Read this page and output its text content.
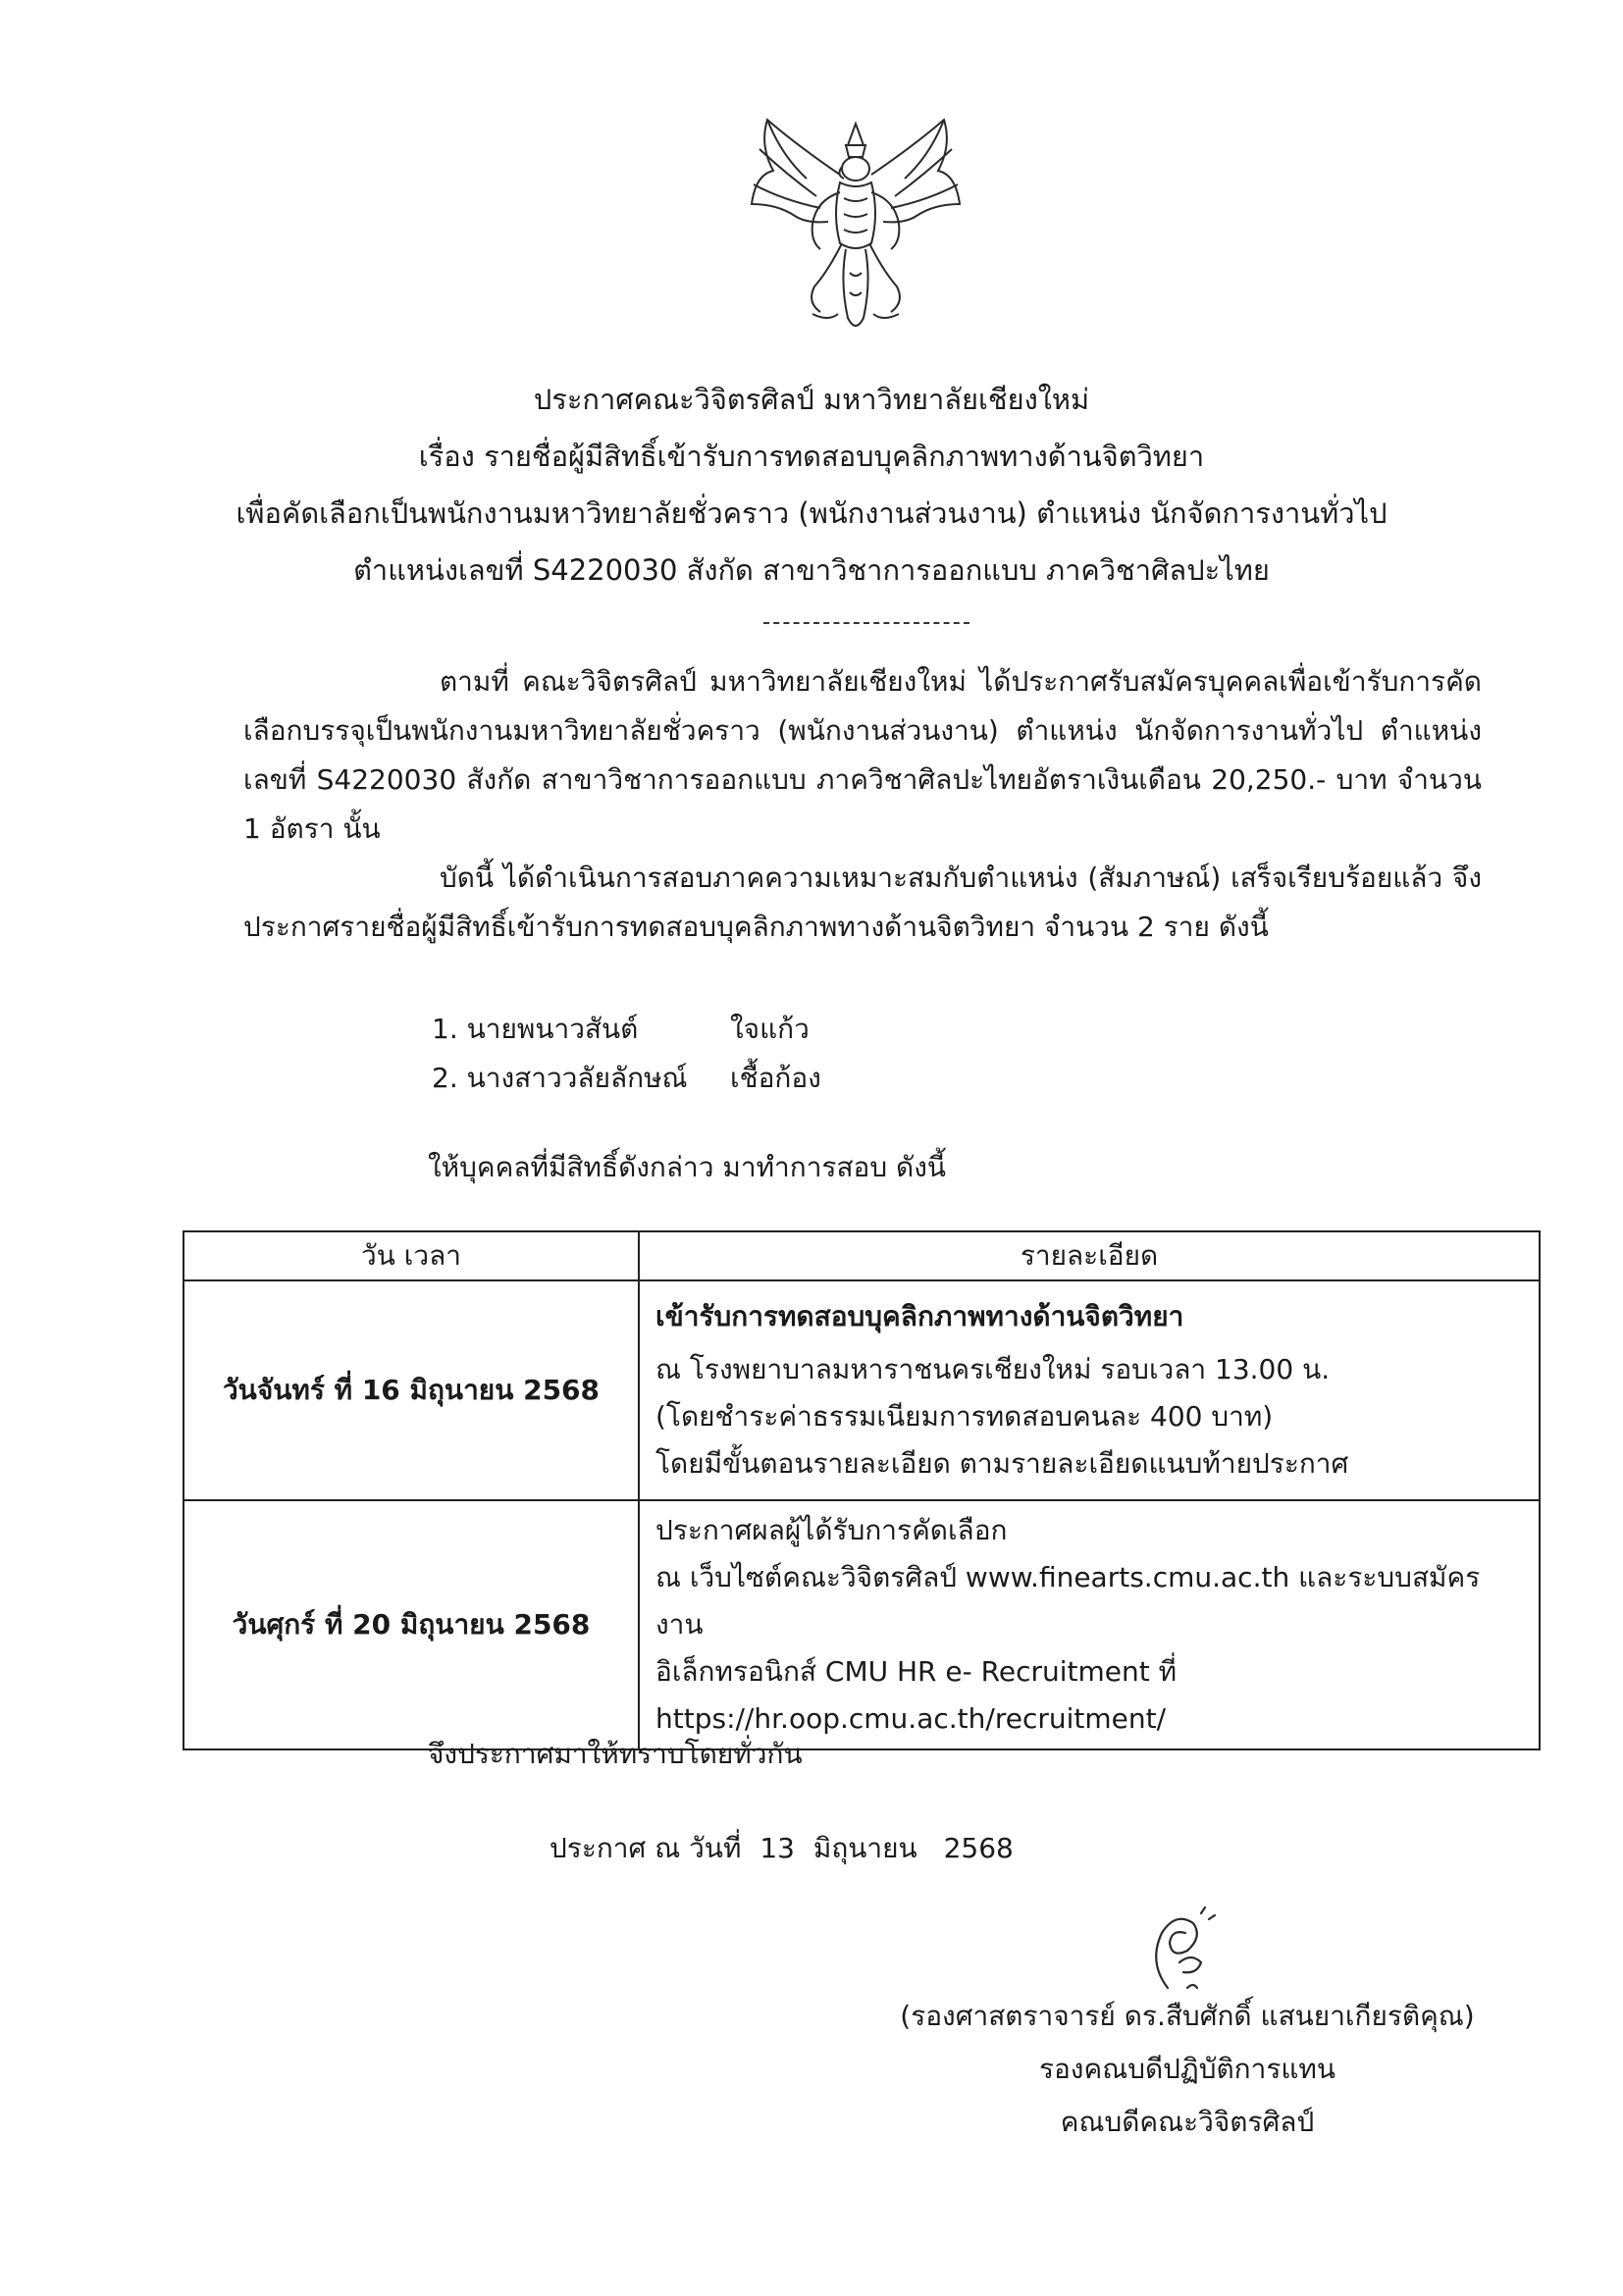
ประกาศคณะวิจิตรศิลป์ มหาวิทยาลัยเชียงใหม่
เรื่อง รายชื่อผู้มีสิทธิ์เข้ารับการทดสอบบุคลิกภาพทางด้านจิตวิทยา
เพื่อคัดเลือกเป็นพนักงานมหาวิทยาลัยชั่วคราว (พนักงานส่วนงาน) ตำแหน่ง นักจัดการงานทั่วไป
ตำแหน่งเลขที่ S4220030 สังกัด สาขาวิชาการออกแบบ ภาควิชาศิลปะไทย
ตามที่ คณะวิจิตรศิลป์ มหาวิทยาลัยเชียงใหม่ ได้ประกาศรับสมัครบุคคลเพื่อเข้ารับการคัดเลือกบรรจุเป็นพนักงานมหาวิทยาลัยชั่วคราว (พนักงานส่วนงาน) ตำแหน่ง นักจัดการงานทั่วไป ตำแหน่งเลขที่ S4220030 สังกัด สาขาวิชาการออกแบบ ภาควิชาศิลปะไทยอัตราเงินเดือน 20,250.- บาท จำนวน 1 อัตรา นั้น
บัดนี้ ได้ดำเนินการสอบภาคความเหมาะสมกับตำแหน่ง (สัมภาษณ์) เสร็จเรียบร้อยแล้ว จึงประกาศรายชื่อผู้มีสิทธิ์เข้ารับการทดสอบบุคลิกภาพทางด้านจิตวิทยา จำนวน 2 ราย ดังนี้
1. นายพนาวสันต์	ใจแก้ว
2. นางสาววลัยลักษณ์ เชื้อก้อง
ให้บุคคลที่มีสิทธิ์ดังกล่าว มาทำการสอบ ดังนี้
วัน เวลา	รายละเอียด
วันจันทร์ ที่ 16 มิถุนายน 2568	เข้ารับการทดสอบบุคลิกภาพทางด้านจิตวิทยา
ณ โรงพยาบาลมหาราชนครเชียงใหม่ รอบเวลา 13.00 น.
(โดยชำระค่าธรรมเนียมการทดสอบคนละ 400 บาท)
โดยมีขั้นตอนรายละเอียด ตามรายละเอียดแนบท้ายประกาศ

วันศุกร์ ที่ 20 มิถุนายน 2568	ประกาศผลผู้ได้รับการคัดเลือก
ณ เว็บไซต์คณะวิจิตรศิลป์ www.finearts.cmu.ac.th และระบบสมัครงาน
อิเล็กทรอนิกส์ CMU HR e- Recruitment ที่
https://hr.oop.cmu.ac.th/recruitment/
จึงประกาศมาให้ทราบโดยทั่วกัน
ประกาศ ณ วันที่ 13 มิถุนายน 2568
(รองศาสตราจารย์ ดร.สืบศักดิ์ แสนยาเกียรติคุณ)
รองคณบดีปฏิบัติการแทน
คณบดีคณะวิจิตรศิลป์
